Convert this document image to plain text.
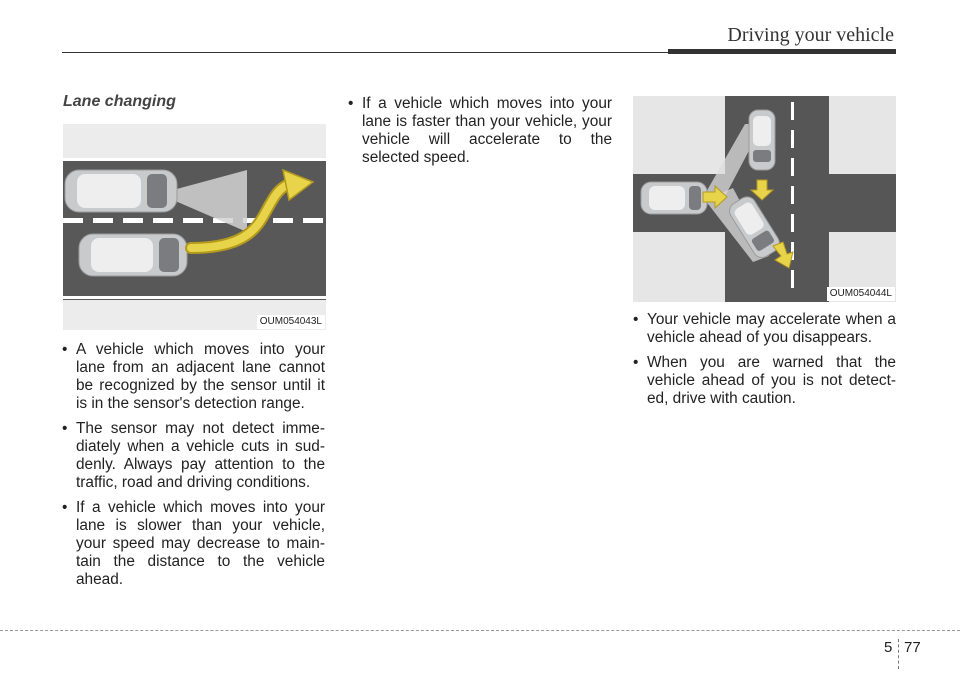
Driving your vehicle
Lane changing
OUM054043L
• A vehicle which moves into your lane from an adjacent lane cannot be recognized by the sensor until it is in the sensor's detection range.
• The sensor may not detect imme-diately when a vehicle cuts in sud-denly. Always pay attention to the traffic, road and driving conditions.
• If a vehicle which moves into your lane is slower than your vehicle, your speed may decrease to main-tain the distance to the vehicle ahead.
• If a vehicle which moves into your lane is faster than your vehicle, your vehicle will accelerate to the selected speed.
OUM054044L
• Your vehicle may accelerate when a vehicle ahead of you disappears.
• When you are warned that the vehicle ahead of you is not detect-ed, drive with caution.
5 77
